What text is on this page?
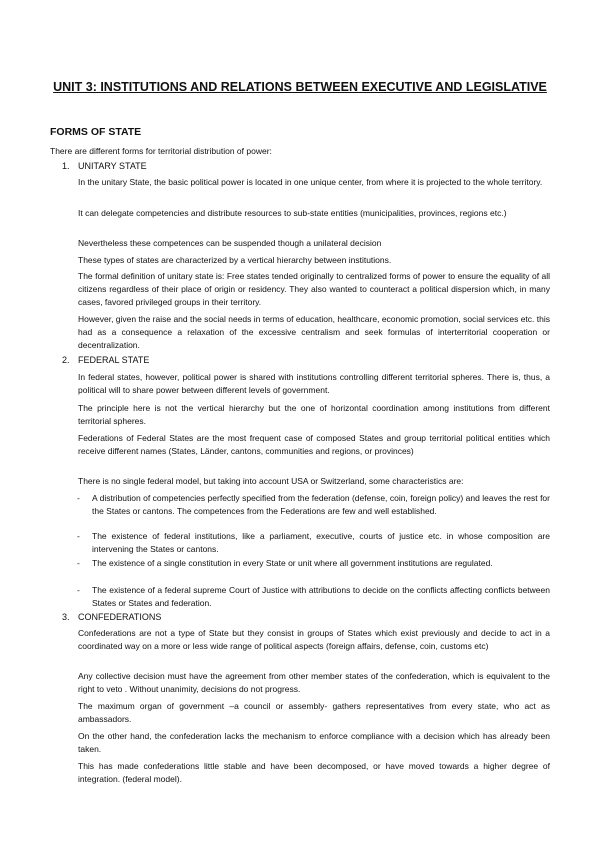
UNIT 3: INSTITUTIONS AND RELATIONS BETWEEN EXECUTIVE AND LEGISLATIVE
FORMS OF STATE
There are different forms for territorial distribution of power:
1. UNITARY STATE
In the unitary State, the basic political power is located in one unique center, from where it is projected to the whole territory.
It can delegate competencies and distribute resources to sub-state entities (municipalities, provinces, regions etc.)
Nevertheless these competences can be suspended though a unilateral decision
These types of states are characterized by a vertical hierarchy between institutions.
The formal definition of unitary state is: Free states tended originally to centralized forms of power to ensure the equality of all citizens regardless of their place of origin or residency. They also wanted to counteract a political dispersion which, in many cases, favored privileged groups in their territory.
However, given the raise and the social needs in terms of education, healthcare, economic promotion, social services etc. this had as a consequence a relaxation of the excessive centralism and seek formulas of interterritorial cooperation or decentralization.
2. FEDERAL STATE
In federal states, however, political power is shared with institutions controlling different territorial spheres. There is, thus, a political will to share power between different levels of government.
The principle here is not the vertical hierarchy but the one of horizontal coordination among institutions from different territorial spheres.
Federations of Federal States are the most frequent case of composed States and group territorial political entities which receive different names (States, Länder, cantons, communities and regions, or provinces)
There is no single federal model, but taking into account USA or Switzerland, some characteristics are:
- A distribution of competencies perfectly specified from the federation (defense, coin, foreign policy) and leaves the rest for the States or cantons. The competences from the Federations are few and well established.
- The existence of federal institutions, like a parliament, executive, courts of justice etc. in whose composition are intervening the States or cantons.
- The existence of a single constitution in every State or unit where all government institutions are regulated.
- The existence of a federal supreme Court of Justice with attributions to decide on the conflicts affecting conflicts between States or States and federation.
3. CONFEDERATIONS
Confederations are not a type of State but they consist in groups of States which exist previously and decide to act in a coordinated way on a more or less wide range of political aspects (foreign affairs, defense, coin, customs etc)
Any collective decision must have the agreement from other member states of the confederation, which is equivalent to the right to veto . Without unanimity, decisions do not progress.
The maximum organ of government –a council or assembly- gathers representatives from every state, who act as ambassadors.
On the other hand, the confederation lacks the mechanism to enforce compliance with a decision which has already been taken.
This has made confederations little stable and have been decomposed, or have moved towards a higher degree of integration. (federal model).
